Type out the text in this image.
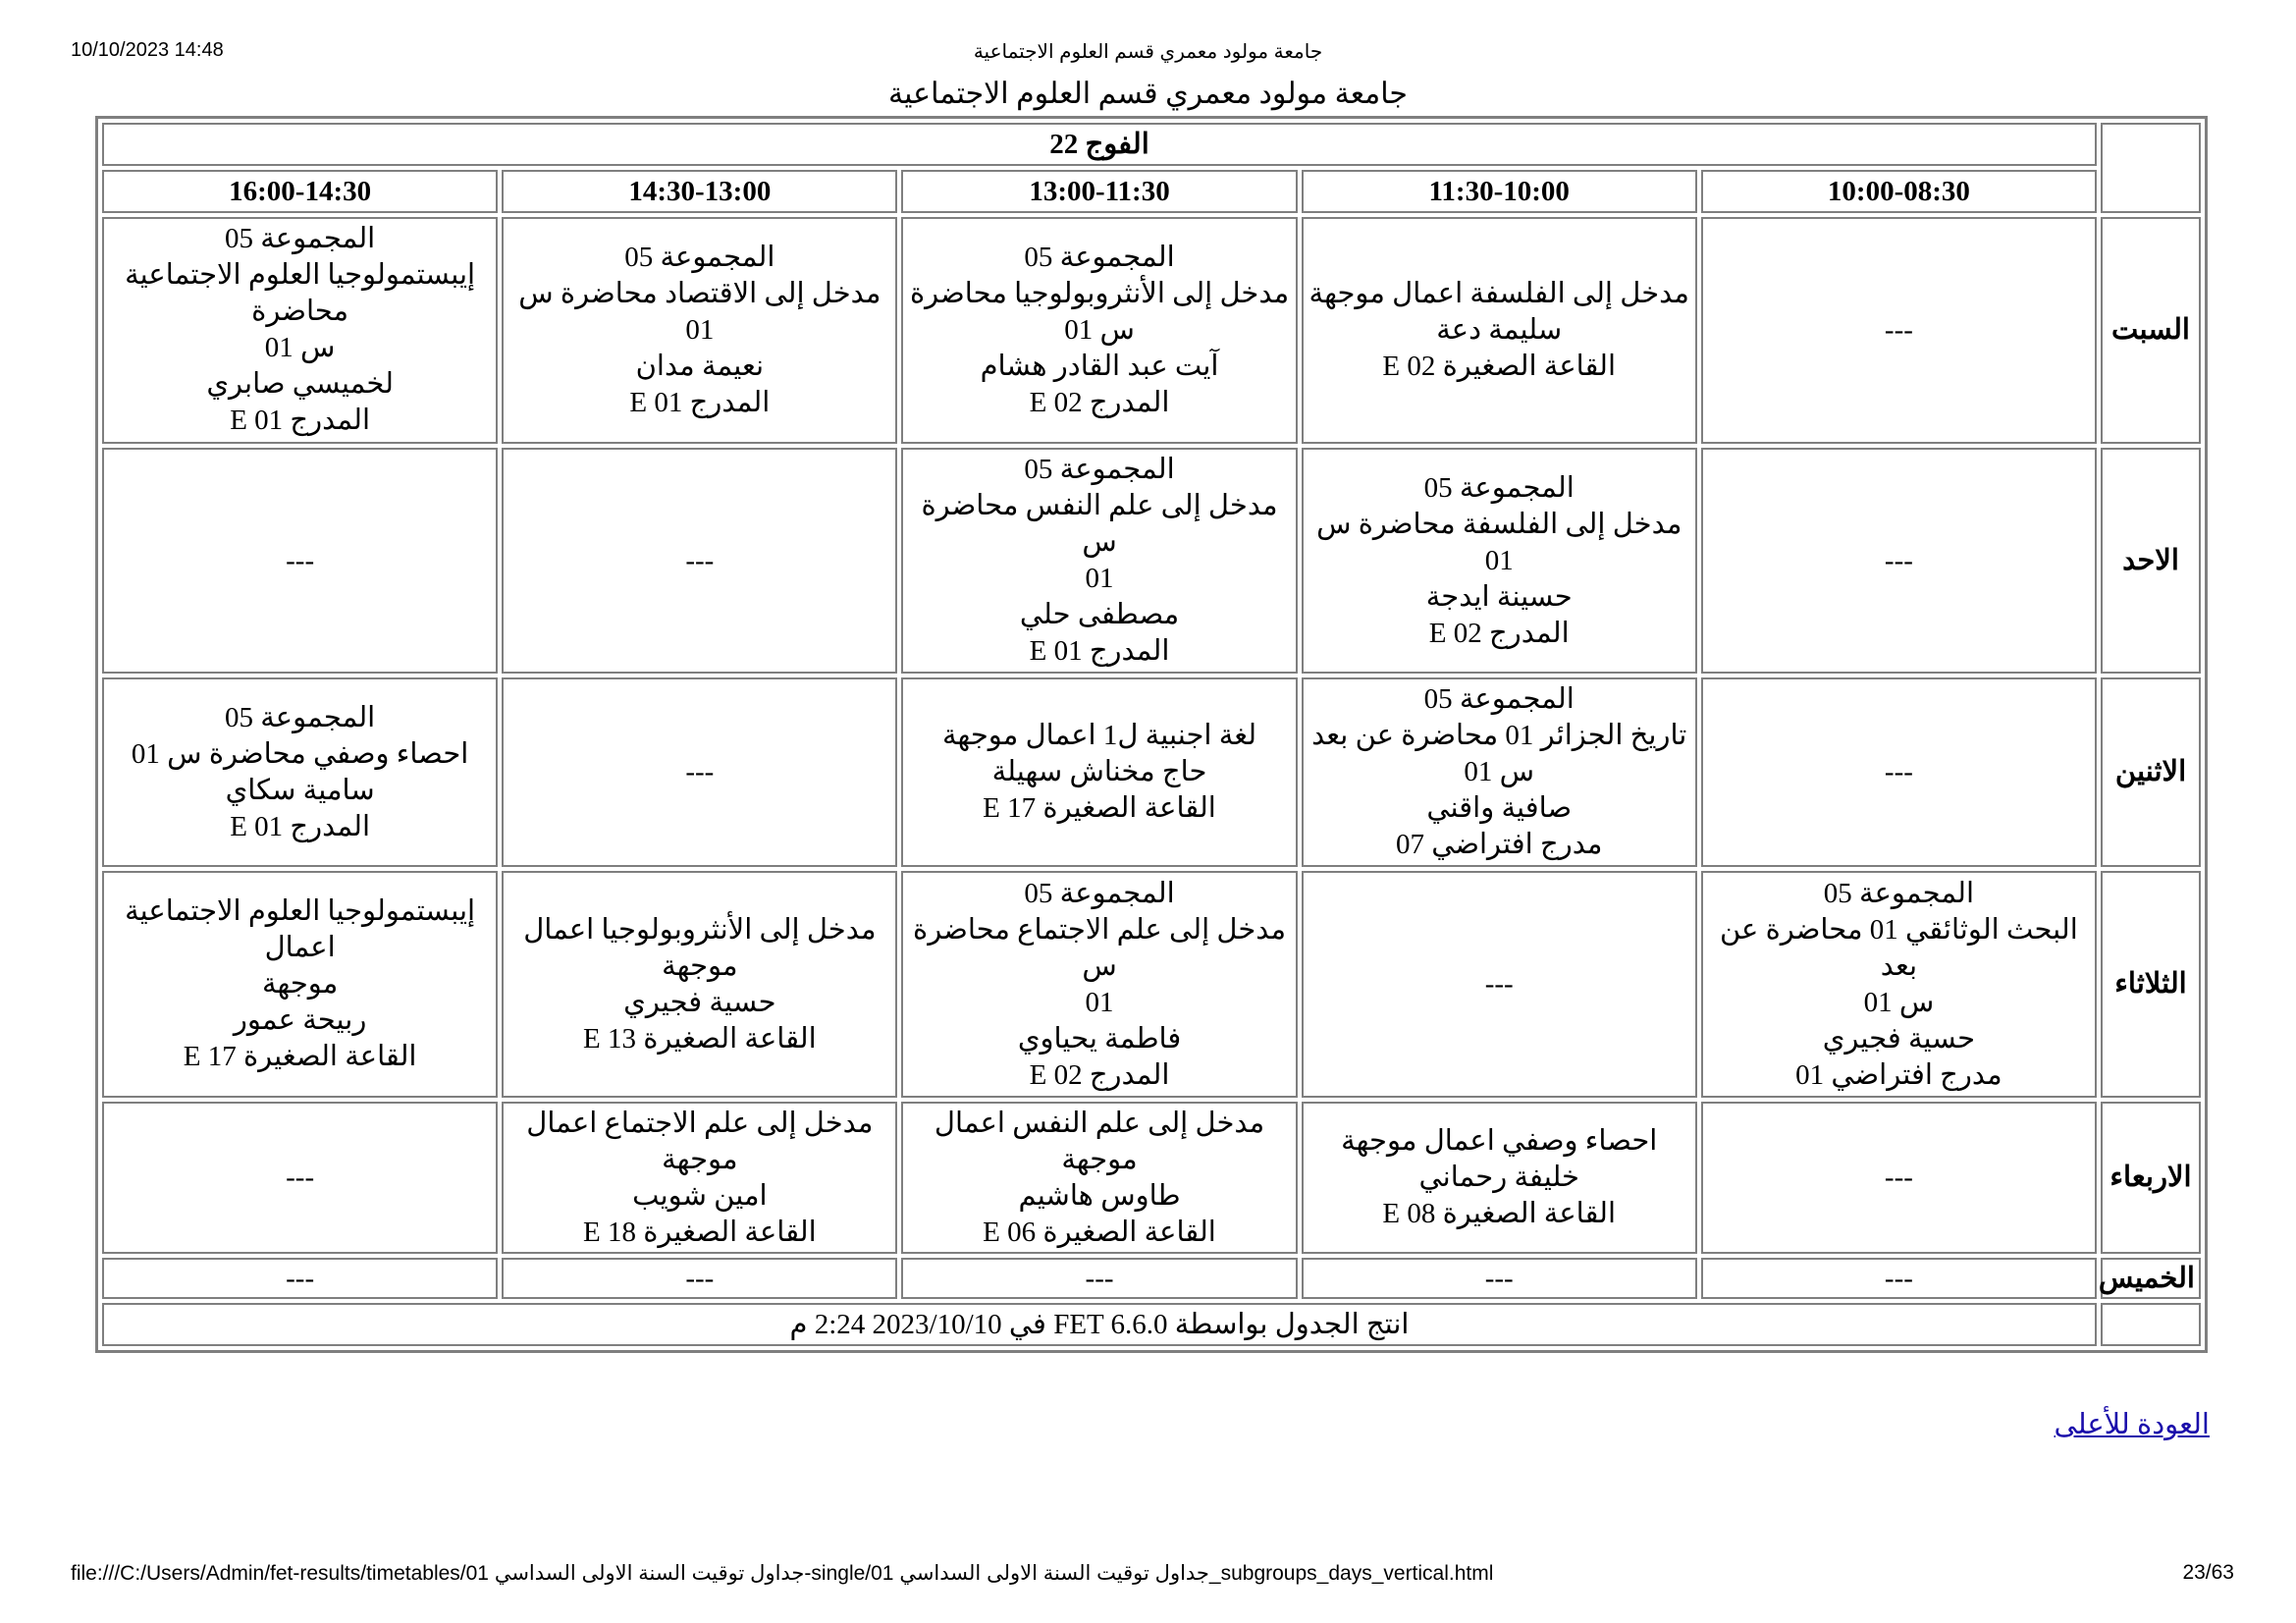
10/10/2023 14:48	جامعة مولود معمري قسم العلوم الاجتماعية
جامعة مولود معمري قسم العلوم الاجتماعية
	الفوج 22				
	10:00-08:30	11:30-10:00	13:00-11:30	14:30-13:00	16:00-14:30
السبت	---	مدخل إلى الفلسفة اعمال موجهة
سليمة دعة
القاعة الصغيرة E 02	المجموعة 05
مدخل إلى الأنثروبولوجيا محاضرة
س 01
آيت عبد القادر هشام
المدرج E 02	المجموعة 05
مدخل إلى الاقتصاد محاضرة س
01
نعيمة مدان
المدرج E 01	المجموعة 05
إيبستمولوجيا العلوم الاجتماعية محاضرة
س 01
لخميسي صابري
المدرج E 01

الاحد	---	المجموعة 05
مدخل إلى الفلسفة محاضرة س 01
حسينة ايدجة
المدرج E 02	المجموعة 05
مدخل إلى علم النفس محاضرة س
01
مصطفى حلي
المدرج E 01	---	---

الاثنين	---	المجموعة 05
تاريخ الجزائر 01 محاضرة عن بعد
س 01
صافية واقني
مدرج افتراضي 07	لغة اجنبية ل1 اعمال موجهة
حاج مخناش سهيلة
القاعة الصغيرة E 17	---	المجموعة 05
احصاء وصفي محاضرة س 01
سامية سكاي
المدرج E 01

الثلاثاء	المجموعة 05
البحث الوثائقي 01 محاضرة عن بعد
س 01
حسية فجيري
مدرج افتراضي 01	---	المجموعة 05
مدخل إلى علم الاجتماع محاضرة س
01
فاطمة يحياوي
المدرج E 02	مدخل إلى الأنثروبولوجيا اعمال
موجهة
حسية فجيري
القاعة الصغيرة E 13	إيبستمولوجيا العلوم الاجتماعية اعمال
موجهة
ربيحة عمور
القاعة الصغيرة E 17

الاربعاء	---	احصاء وصفي اعمال موجهة
خليفة رحماني
القاعة الصغيرة E 08	مدخل إلى علم النفس اعمال موجهة
طاوس هاشيم
القاعة الصغيرة E 06	مدخل إلى علم الاجتماع اعمال
موجهة
امين شويب
القاعة الصغيرة E 18	---

الخميس	---	---	---	---	---

	انتج الجدول بواسطة FET 6.6.0 في 2023/10/10 2:24 م				
العودة للأعلى
file:///C:/Users/Admin/fet-results/timetables/01 جداول توقيت السنة الاولى السداسي-single/01 جداول توقيت السنة الاولى السداسي_subgroups_days_vertical.html	23/63
